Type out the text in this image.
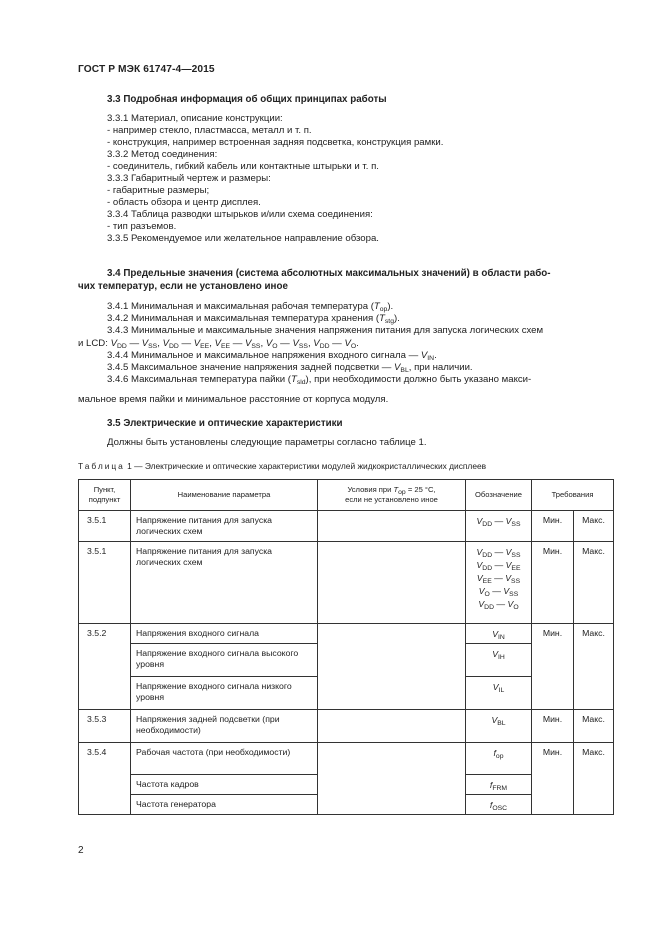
ГОСТ Р МЭК 61747-4—2015
3.3 Подробная информация об общих принципах работы
3.3.1 Материал, описание конструкции:
- например стекло, пластмасса, металл и т. п.
- конструкция, например встроенная задняя подсветка, конструкция рамки.
3.3.2 Метод соединения:
- соединитель, гибкий кабель или контактные штырьки и т. п.
3.3.3 Габаритный чертеж и размеры:
- габаритные размеры;
- область обзора и центр дисплея.
3.3.4 Таблица разводки штырьков и/или схема соединения:
- тип разъемов.
3.3.5 Рекомендуемое или желательное направление обзора.
3.4 Предельные значения (система абсолютных максимальных значений) в области рабо-
чих температур, если не установлено иное
3.4.1 Минимальная и максимальная рабочая температура $(T_{op})$.
3.4.2 Минимальная и максимальная температура хранения $(T_{stg})$.
3.4.3 Минимальные и максимальные значения напряжения питания для запуска логических схем
и LCD: $V_{DD}$ — $V_{SS}$, $V_{DD}$ — $V_{EE}$, $V_{EE}$ — $V_{SS}$, $V_O$ — $V_{SS}$, $V_{DD}$ — $V_O$.
3.4.4 Минимальное и максимальное напряжения входного сигнала — $V_{IN}$.
3.4.5 Максимальное значение напряжения задней подсветки — $V_{BL}$, при наличии.
3.4.6 Максимальная температура пайки $(T_{sld})$, при необходимости должно быть указано макси-
мальное время пайки и минимальное расстояние от корпуса модуля.
3.5 Электрические и оптические характеристики
Должны быть установлены следующие параметры согласно таблице 1.
Таблица 1 — Электрические и оптические характеристики модулей жидкокристаллических дисплеев
Пункт,
подпункт	Наименование параметра	Условия при $T_{op} = 25$ °С,
если не установлено иное	Обозначение	Требования	
3.5.1	Напряжение питания для запуска логических схем		$V_{DD}$ — $V_{SS}$	Мин.	Макс.
3.5.1	Напряжение питания для запуска логических схем		$V_{DD}$ — $V_{SS}$
$V_{DD}$ — $V_{EE}$
$V_{EE}$ — $V_{SS}$
$V_O$ — $V_{SS}$
$V_{DD}$ — $V_O$	Мин.	Макс.
3.5.2	Напряжения входного сигнала		$V_{IN}$	Мин.	Макс.
	Напряжение входного сигнала высокого уровня		$V_{IH}$
	Напряжение входного сигнала низкого уровня		$V_{IL}$
3.5.3	Напряжения задней подсветки (при необходимости)		$V_{BL}$	Мин.	Макс.
3.5.4	Рабочая частота (при необходимости)		$f_{op}$	Мин.	Макс.
	Частота кадров		$f_{FRM}$
	Частота генератора		$f_{OSC}$
2
